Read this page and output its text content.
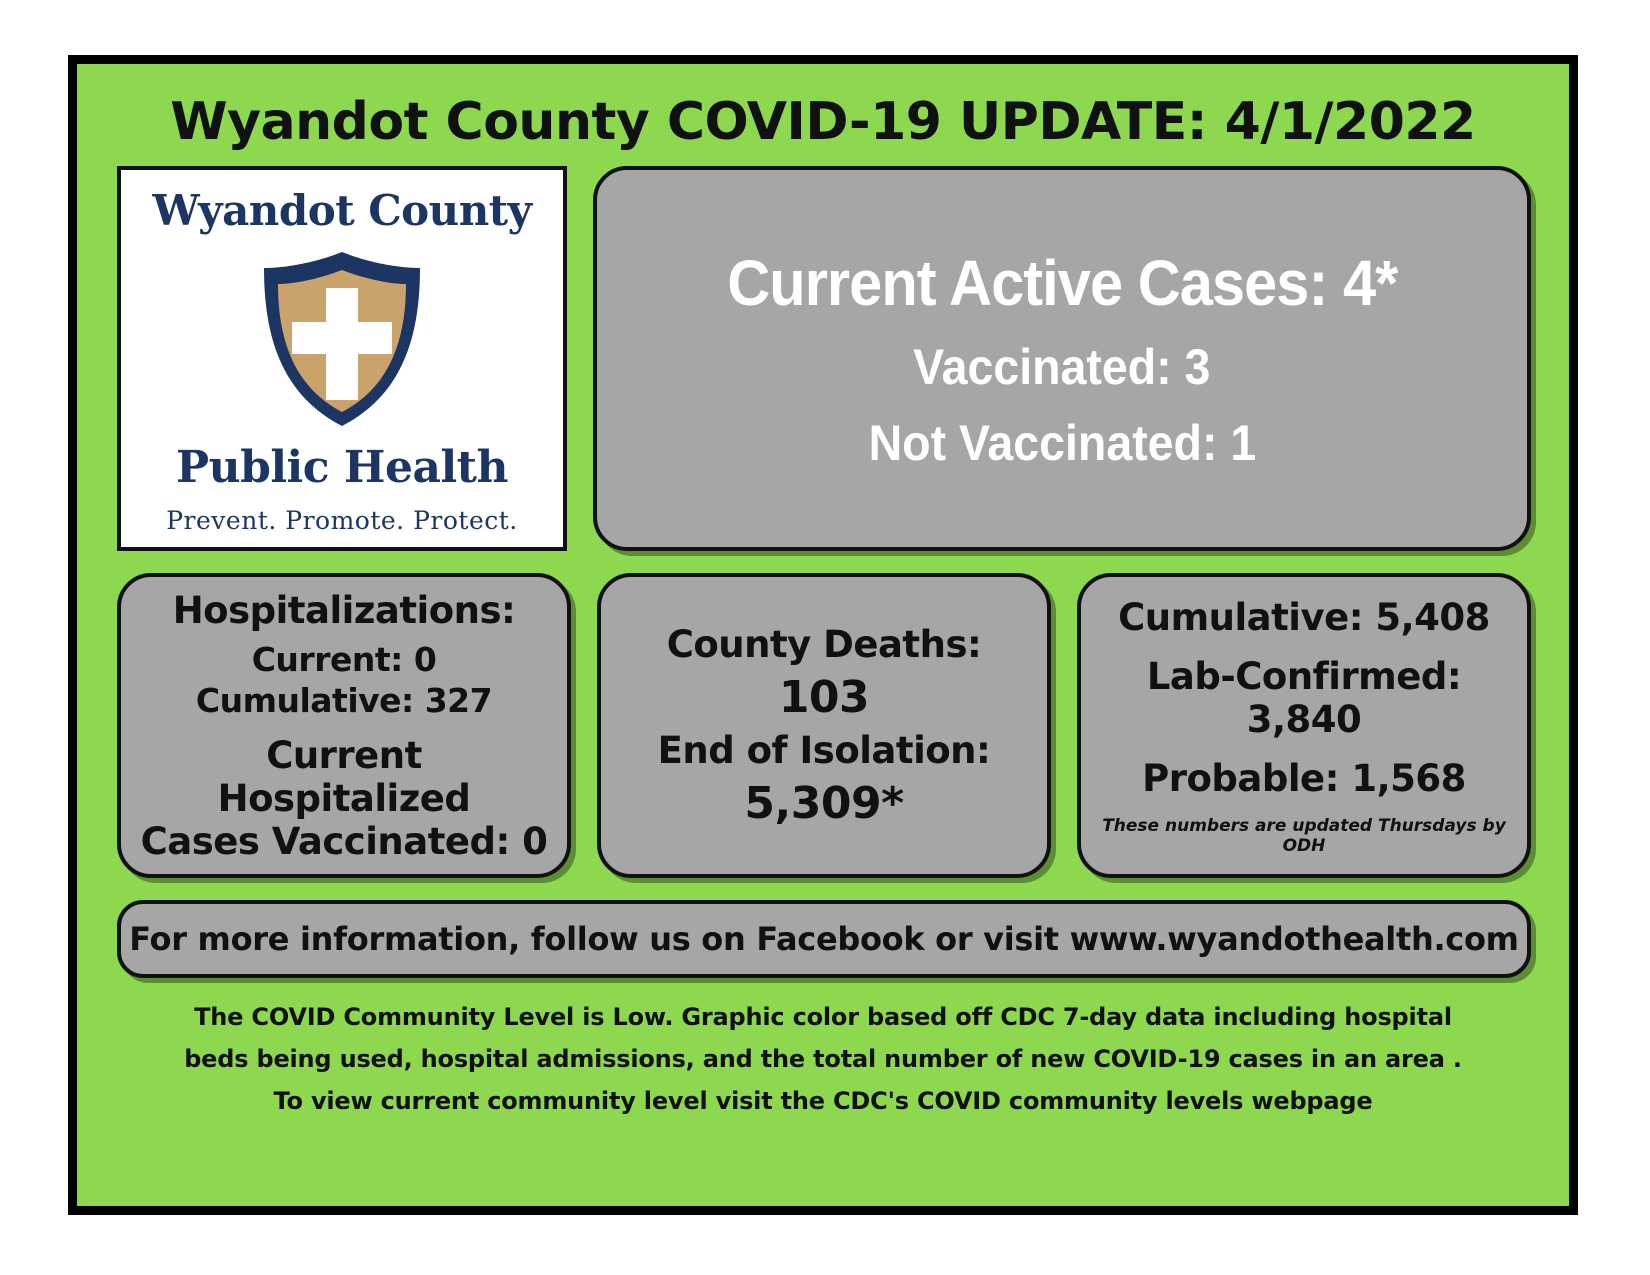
Wyandot County COVID-19 UPDATE: 4/1/2022
Wyandot County
Public Health
Prevent. Promote. Protect.
Current Active Cases: 4*
Vaccinated: 3
Not Vaccinated: 1
Hospitalizations:
Current: 0
Cumulative: 327
Current Hospitalized
Cases Vaccinated: 0
County Deaths:
103
End of Isolation:
5,309*
Cumulative: 5,408
Lab-Confirmed: 3,840
Probable: 1,568
These numbers are updated Thursdays by ODH
For more information, follow us on Facebook or visit www.wyandothealth.com
The COVID Community Level is Low. Graphic color based off CDC 7-day data including hospital
beds being used, hospital admissions, and the total number of new COVID-19 cases in an area .
To view current community level visit the CDC's COVID community levels webpage
